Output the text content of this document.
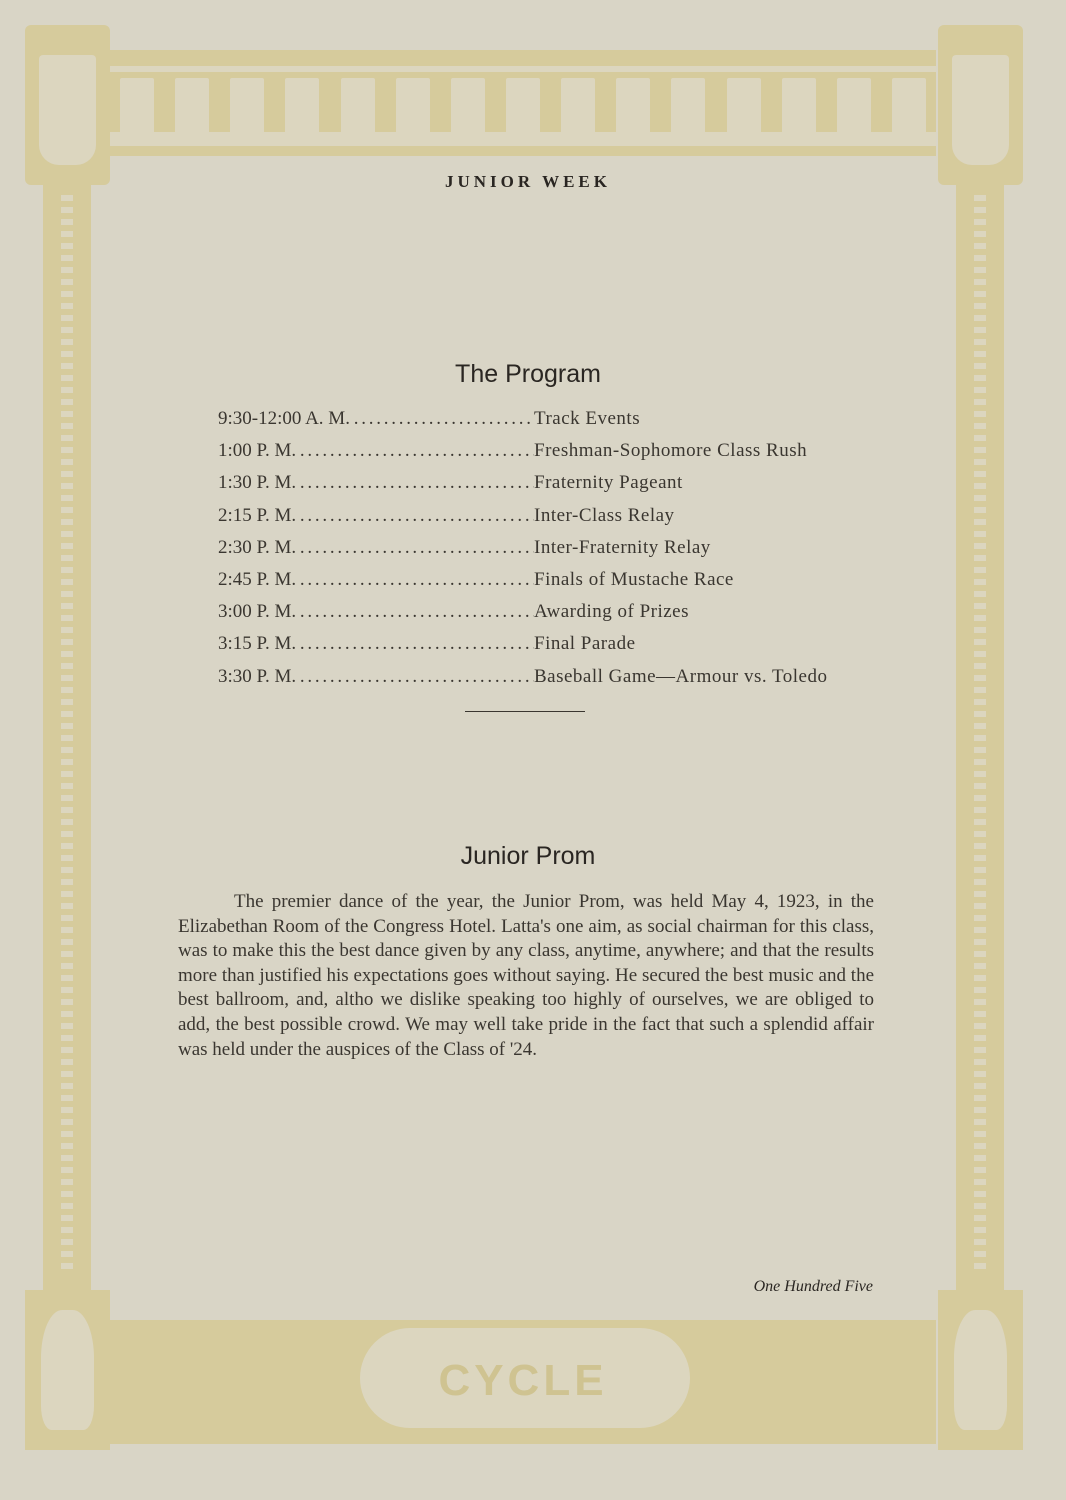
CYCLE
JUNIOR WEEK
The Program
9:30-12:00 A. M. . . .	Track Events
1:00 P. M. . . .	Freshman-Sophomore Class Rush
1:30 P. M. . . .	Fraternity Pageant
2:15 P. M. . . .	Inter-Class Relay
2:30 P. M. . . .	Inter-Fraternity Relay
2:45 P. M. . . .	Finals of Mustache Race
3:00 P. M. . . .	Awarding of Prizes
3:15 P. M. . . .	Final Parade
3:30 P. M. . . .	Baseball Game—Armour vs. Toledo
Junior Prom
The premier dance of the year, the Junior Prom, was held May 4, 1923, in the Elizabethan Room of the Congress Hotel. Latta's one aim, as social chairman for this class, was to make this the best dance given by any class, anytime, anywhere; and that the results more than justified his expectations goes without saying. He secured the best music and the best ballroom, and, altho we dislike speaking too highly of ourselves, we are obliged to add, the best possible crowd. We may well take pride in the fact that such a splendid affair was held under the auspices of the Class of '24.
One Hundred Five
